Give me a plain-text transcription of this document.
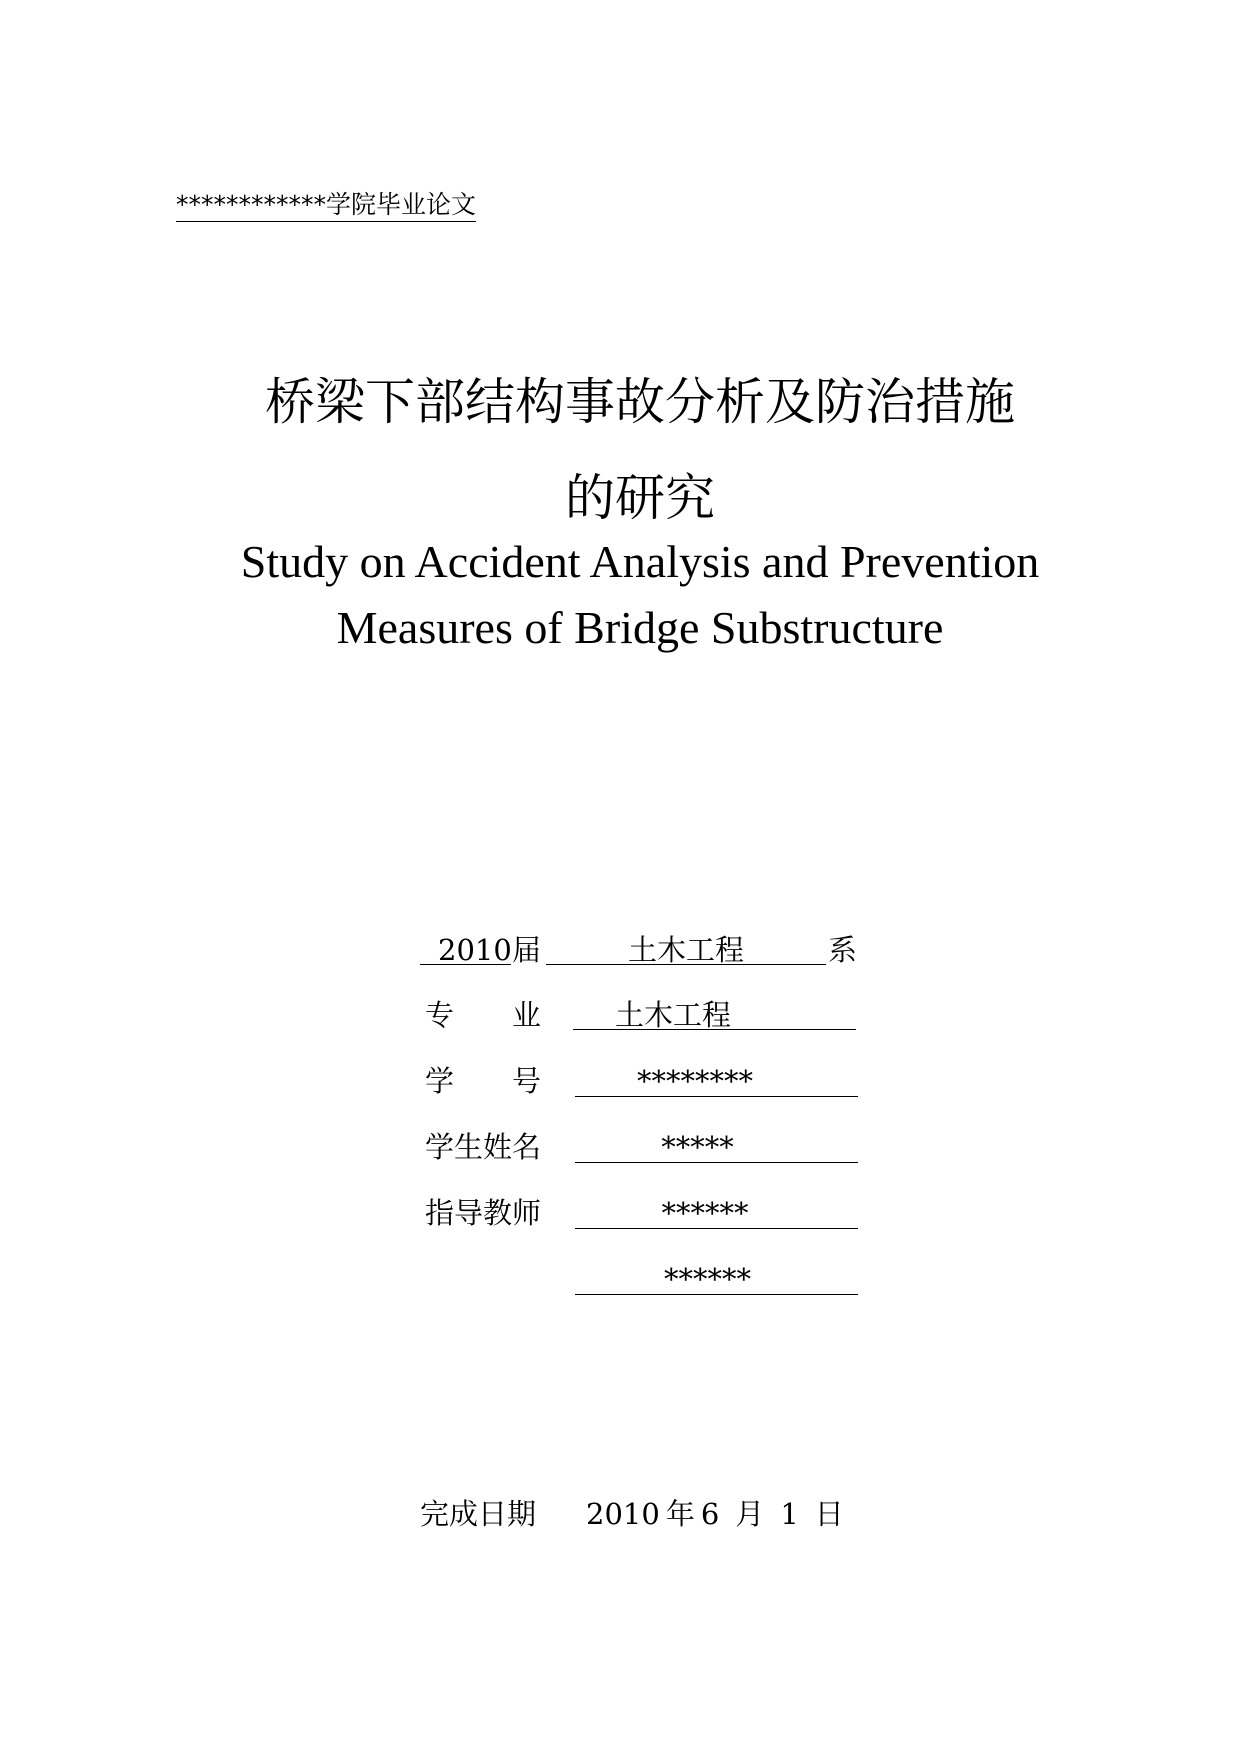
************学院毕业论文
桥梁下部结构事故分析及防治措施
的研究
Study on Accident Analysis and Prevention
Measures of Bridge Substructure
2010 届	土木工程	系
专　　业	土木工程
学　　号	********
学生姓名	*****
指导教师	******
******
完成日期 2010 年 6 月 1 日
